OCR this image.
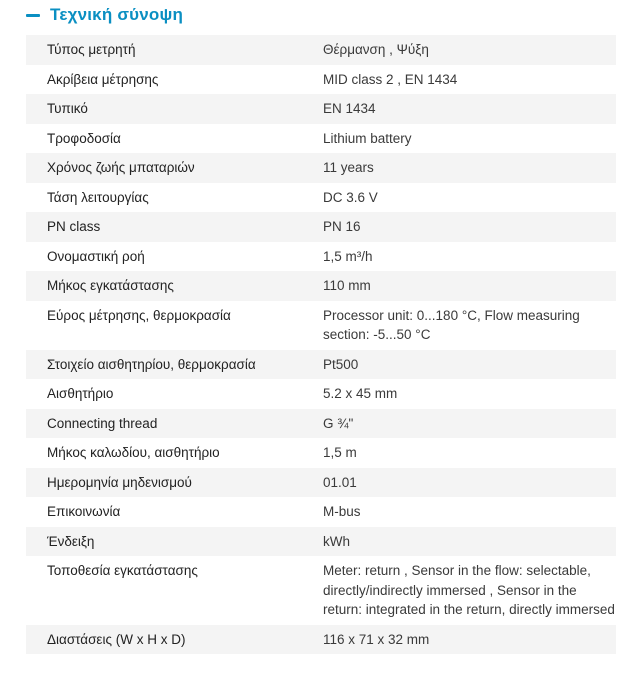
Τεχνική σύνοψη
Τύπος μετρητή	Θέρμανση , Ψύξη
Ακρίβεια μέτρησης	MID class 2 , EN 1434
Τυπικό	EN 1434
Τροφοδοσία	Lithium battery
Χρόνος ζωής μπαταριών	11 years
Τάση λειτουργίας	DC 3.6 V
PN class	PN 16
Ονομαστική ροή	1,5 m³/h
Μήκος εγκατάστασης	110 mm
Εύρος μέτρησης, θερμοκρασία	Processor unit: 0...180 °C, Flow measuring section: -5...50 °C
Στοιχείο αισθητηρίου, θερμοκρασία	Pt500
Αισθητήριο	5.2 x 45 mm
Connecting thread	G ¾"
Μήκος καλωδίου, αισθητήριο	1,5 m
Ημερομηνία μηδενισμού	01.01
Επικοινωνία	M-bus
Ένδειξη	kWh
Τοποθεσία εγκατάστασης	Meter: return , Sensor in the flow: selectable, directly/indirectly immersed , Sensor in the return: integrated in the return, directly immersed
Διαστάσεις (W x H x D)	116 x 71 x 32 mm
